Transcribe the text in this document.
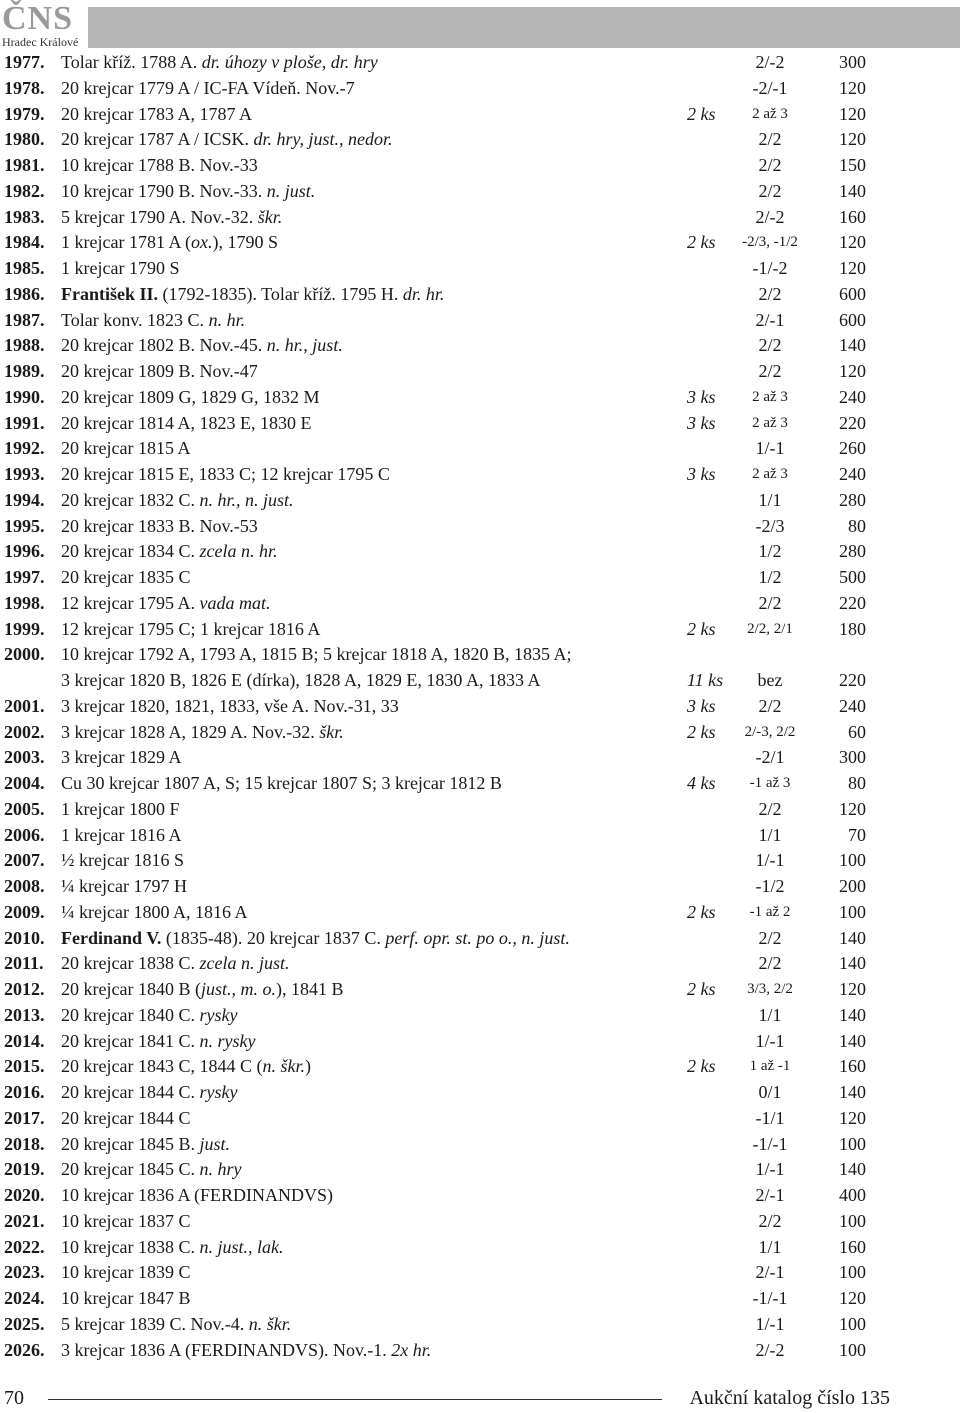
ČNS
Hradec Králové
1977. Tolar kříž. 1788 A. dr. úhozy v ploše, dr. hry	2/-2	300
1978. 20 krejcar 1779 A / IC-FA Vídeň. Nov.-7	-2/-1	120
1979. 20 krejcar 1783 A, 1787 A	2 ks	2 až 3	120
1980. 20 krejcar 1787 A / ICSK. dr. hry, just., nedor.	2/2	120
1981. 10 krejcar 1788 B. Nov.-33	2/2	150
1982. 10 krejcar 1790 B. Nov.-33. n. just.	2/2	140
1983. 5 krejcar 1790 A. Nov.-32. škr.	2/-2	160
1984. 1 krejcar 1781 A (ox.), 1790 S	2 ks	-2/3, -1/2	120
1985. 1 krejcar 1790 S	-1/-2	120
1986. František II. (1792-1835). Tolar kříž. 1795 H. dr. hr.	2/2	600
1987. Tolar konv. 1823 C. n. hr.	2/-1	600
1988. 20 krejcar 1802 B. Nov.-45. n. hr., just.	2/2	140
1989. 20 krejcar 1809 B. Nov.-47	2/2	120
1990. 20 krejcar 1809 G, 1829 G, 1832 M	3 ks	2 až 3	240
1991. 20 krejcar 1814 A, 1823 E, 1830 E	3 ks	2 až 3	220
1992. 20 krejcar 1815 A	1/-1	260
1993. 20 krejcar 1815 E, 1833 C; 12 krejcar 1795 C	3 ks	2 až 3	240
1994. 20 krejcar 1832 C. n. hr., n. just.	1/1	280
1995. 20 krejcar 1833 B. Nov.-53	-2/3	80
1996. 20 krejcar 1834 C. zcela n. hr.	1/2	280
1997. 20 krejcar 1835 C	1/2	500
1998. 12 krejcar 1795 A. vada mat.	2/2	220
1999. 12 krejcar 1795 C; 1 krejcar 1816 A	2 ks	2/2, 2/1	180
2000. 10 krejcar 1792 A, 1793 A, 1815 B; 5 krejcar 1818 A, 1820 B, 1835 A;
3 krejcar 1820 B, 1826 E (dírka), 1828 A, 1829 E, 1830 A, 1833 A	11 ks	bez	220
2001. 3 krejcar 1820, 1821, 1833, vše A. Nov.-31, 33	3 ks	2/2	240
2002. 3 krejcar 1828 A, 1829 A. Nov.-32. škr.	2 ks	2/-3, 2/2	60
2003. 3 krejcar 1829 A	-2/1	300
2004. Cu 30 krejcar 1807 A, S; 15 krejcar 1807 S; 3 krejcar 1812 B	4 ks	-1 až 3	80
2005. 1 krejcar 1800 F	2/2	120
2006. 1 krejcar 1816 A	1/1	70
2007. ½ krejcar 1816 S	1/-1	100
2008. ¼ krejcar 1797 H	-1/2	200
2009. ¼ krejcar 1800 A, 1816 A	2 ks	-1 až 2	100
2010. Ferdinand V. (1835-48). 20 krejcar 1837 C. perf. opr. st. po o., n. just.	2/2	140
2011. 20 krejcar 1838 C. zcela n. just.	2/2	140
2012. 20 krejcar 1840 B (just., m. o.), 1841 B	2 ks	3/3, 2/2	120
2013. 20 krejcar 1840 C. rysky	1/1	140
2014. 20 krejcar 1841 C. n. rysky	1/-1	140
2015. 20 krejcar 1843 C, 1844 C (n. škr.)	2 ks	1 až -1	160
2016. 20 krejcar 1844 C. rysky	0/1	140
2017. 20 krejcar 1844 C	-1/1	120
2018. 20 krejcar 1845 B. just.	-1/-1	100
2019. 20 krejcar 1845 C. n. hry	1/-1	140
2020. 10 krejcar 1836 A (FERDINANDVS)	2/-1	400
2021. 10 krejcar 1837 C	2/2	100
2022. 10 krejcar 1838 C. n. just., lak.	1/1	160
2023. 10 krejcar 1839 C	2/-1	100
2024. 10 krejcar 1847 B	-1/-1	120
2025. 5 krejcar 1839 C. Nov.-4. n. škr.	1/-1	100
2026. 3 krejcar 1836 A (FERDINANDVS). Nov.-1. 2x hr.	2/-2	100
70	Aukční katalog číslo 135
